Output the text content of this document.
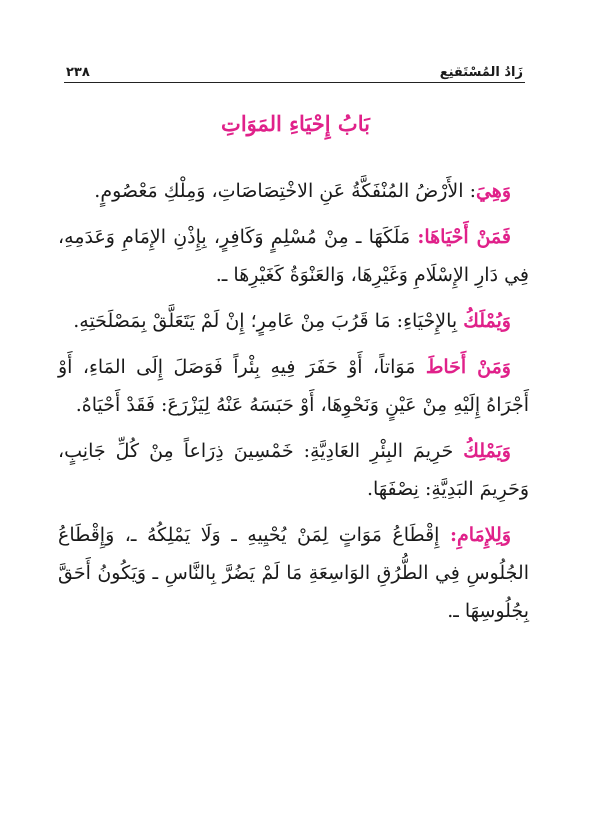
زَادُ المُسْتَقنِع
٢٣٨
بَابُ إِحْيَاءِ المَوَاتِ

وَهِيَ: الأَرْضُ المُنْفَكَّةُ عَنِ الاخْتِصَاصَاتِ، وَمِلْكِ مَعْصُومٍ.

فَمَنْ أَحْيَاهَا: مَلَكَهَا ـ مِنْ مُسْلِمٍ وَكَافِرٍ، بِإِذْنِ الإِمَامِ وَعَدَمِهِ، فِي دَارِ الإِسْلَامِ وَغَيْرِهَا، وَالعَنْوَةُ كَغَيْرِهَا ـ.

وَيُمْلَكُ بِالإِحْيَاءِ: مَا قَرُبَ مِنْ عَامِرٍ؛ إِنْ لَمْ يَتَعَلَّقْ بِمَصْلَحَتِهِ.

وَمَنْ أَحَاطَ مَوَاتاً، أَوْ حَفَرَ فِيهِ بِئْراً فَوَصَلَ إِلَى المَاءِ، أَوْ أَجْرَاهُ إِلَيْهِ مِنْ عَيْنٍ وَنَحْوِهَا، أَوْ حَبَسَهُ عَنْهُ لِيَزْرَعَ: فَقَدْ أَحْيَاهُ.

وَيَمْلِكُ حَرِيمَ البِئْرِ العَادِيَّةِ: خَمْسِينَ ذِرَاعاً مِنْ كُلِّ جَانِبٍ، وَحَرِيمَ البَدِيَّةِ: نِصْفَهَا.

وَلِلإِمَامِ: إِقْطَاعُ مَوَاتٍ لِمَنْ يُحْيِيهِ ـ وَلَا يَمْلِكُهُ ـ، وَإِقْطَاعُ الجُلُوسِ فِي الطُّرُقِ الوَاسِعَةِ مَا لَمْ يَضُرَّ بِالنَّاسِ ـ وَيَكُونُ أَحَقَّ بِجُلُوسِهَا ـ.
